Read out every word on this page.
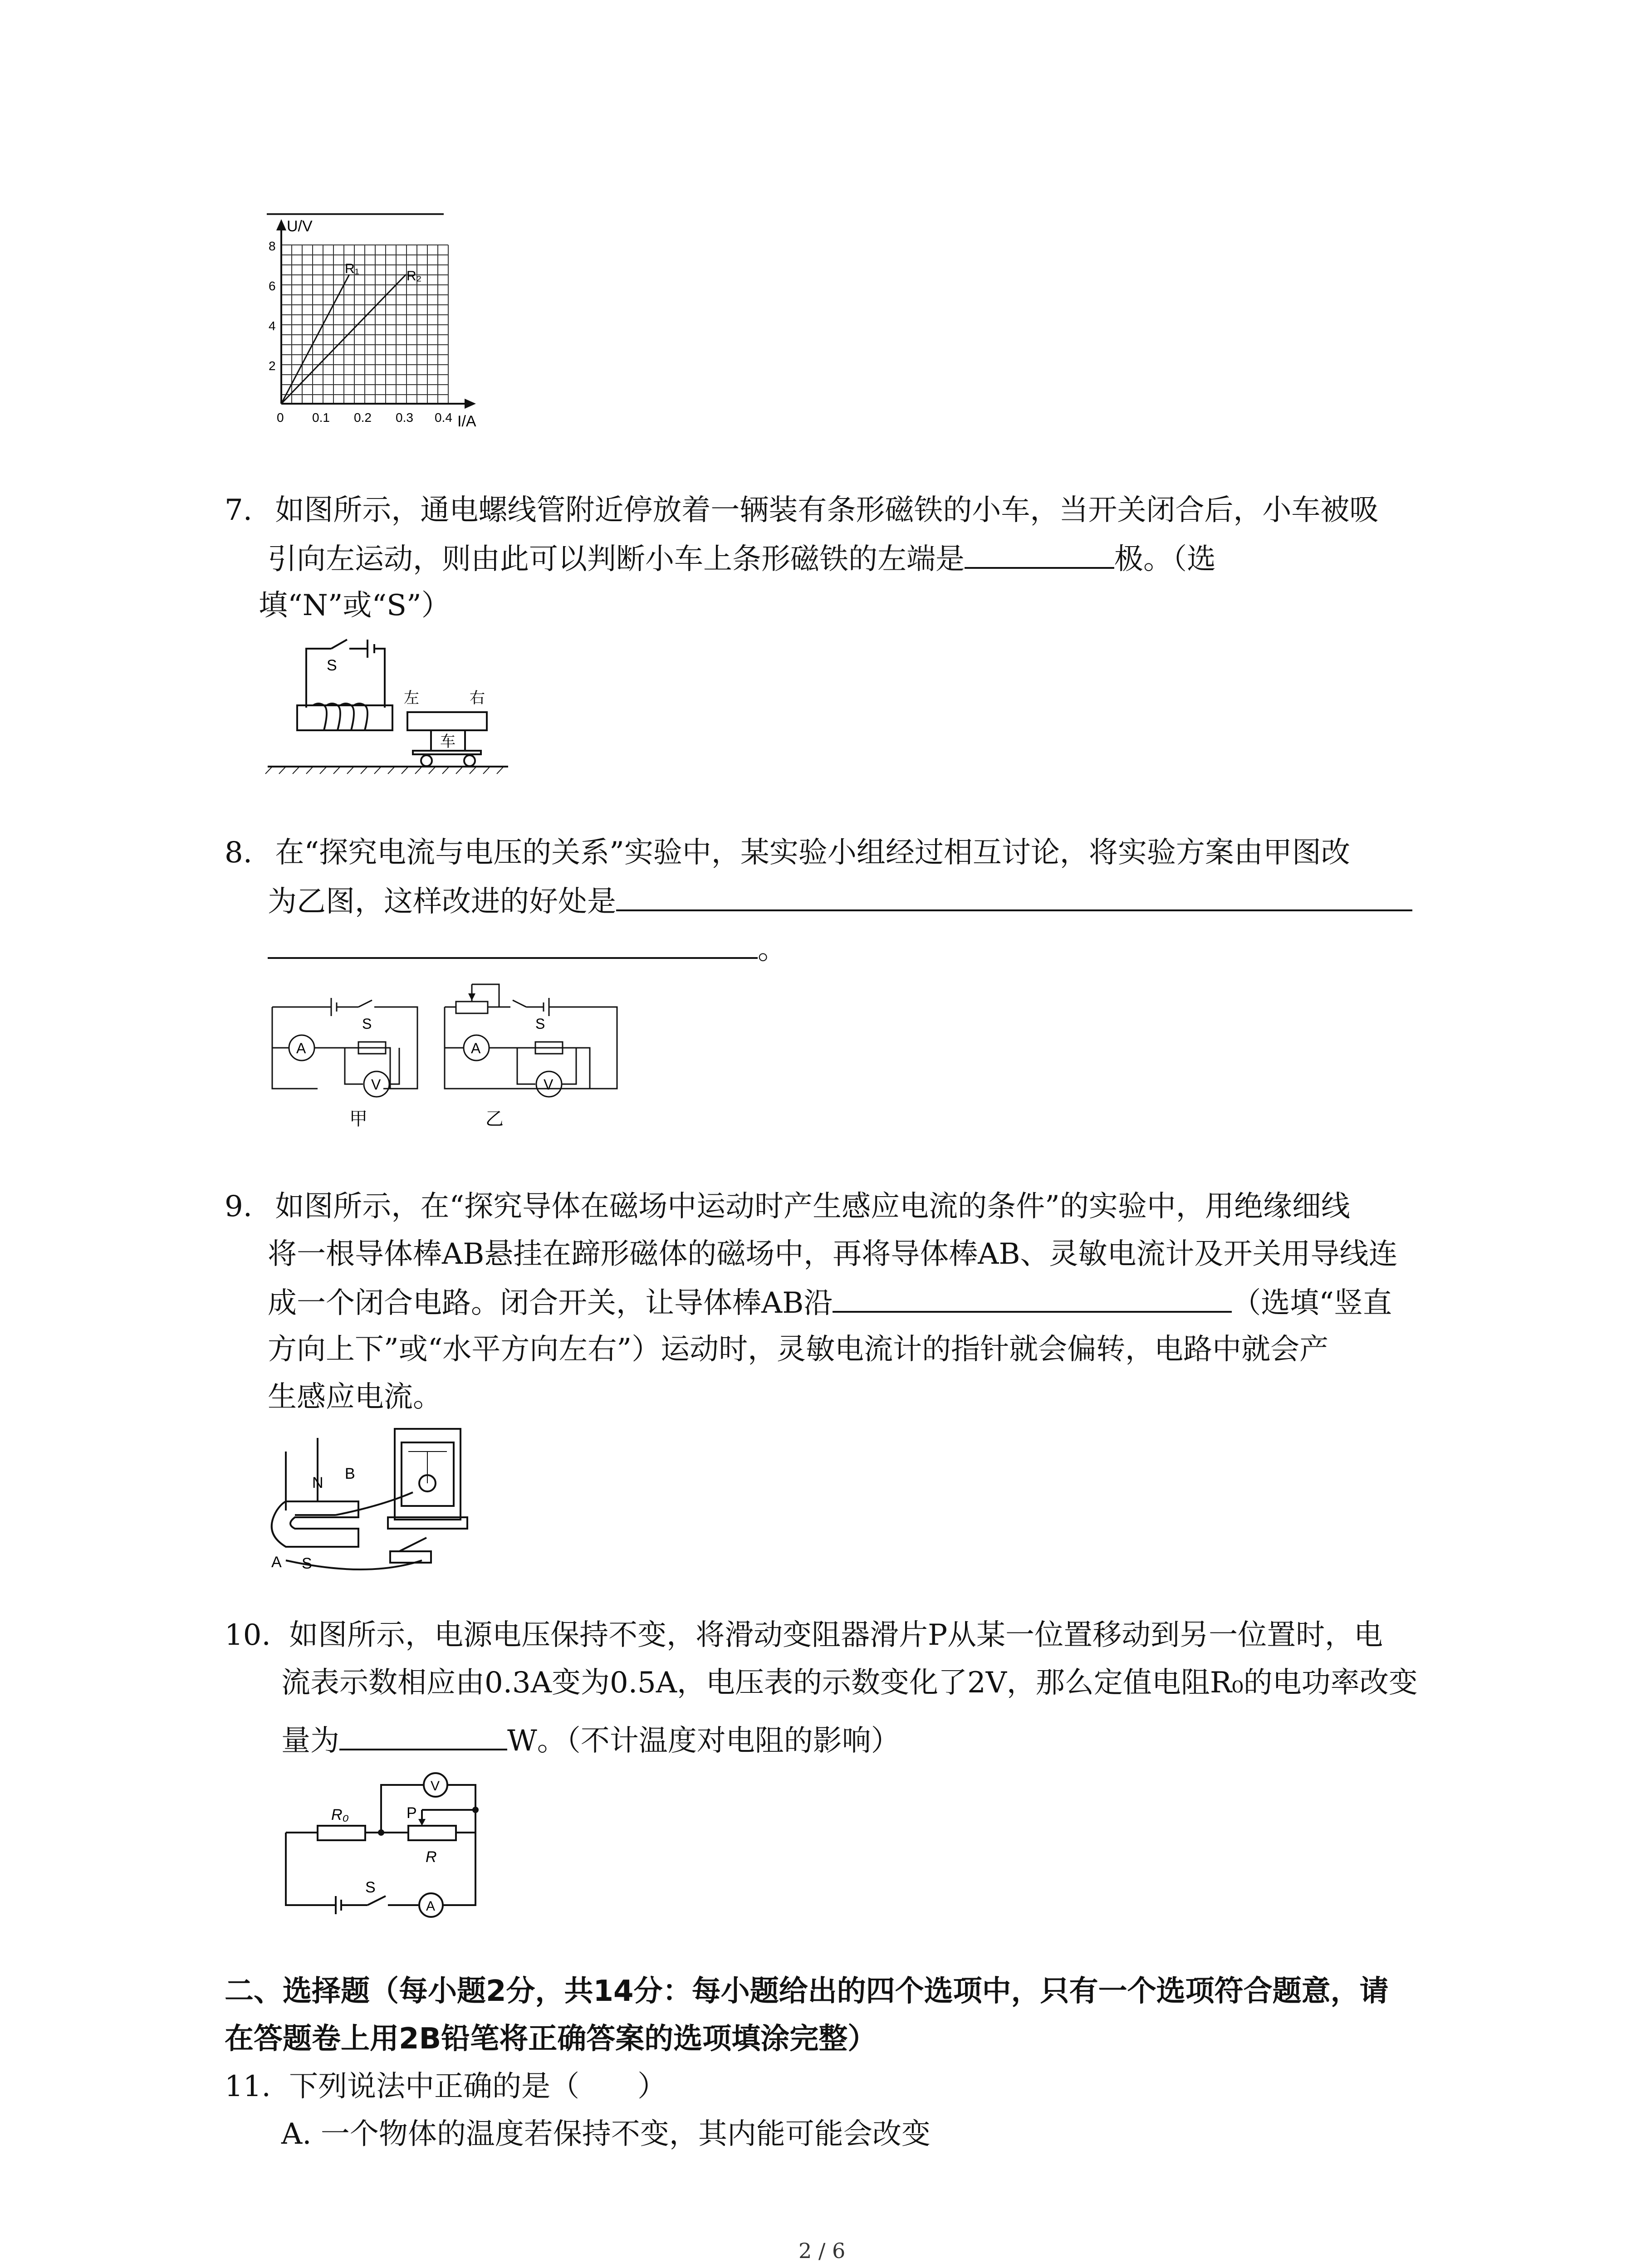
U/V
8
6
4
2
0 0.1 0.2 0.3 0.4 I/A
R₁	R₂
7. 如图所示，通电螺线管附近停放着一辆装有条形磁铁的小车，当开关闭合后，小车被吸
引向左运动，则由此可以判断小车上条形磁铁的左端是	极。（选
填“N”或“S”）
S
左	右
车
8. 在“探究电流与电压的关系”实验中，某实验小组经过相互讨论，将实验方案由甲图改
为乙图，这样改进的好处是
。
S
A
V
甲
S
A
V
乙
9. 如图所示，在“探究导体在磁场中运动时产生感应电流的条件”的实验中，用绝缘细线
将一根导体棒AB悬挂在蹄形磁体的磁场中，再将导体棒AB、灵敏电流计及开关用导线连
成一个闭合电路。闭合开关，让导体棒AB沿	（选填“竖直
方向上下”或“水平方向左右”）运动时，灵敏电流计的指针就会偏转，电路中就会产
生感应电流。
N
B
A S
10. 如图所示，电源电压保持不变，将滑动变阻器滑片P从某一位置移动到另一位置时，电
流表示数相应由0.3A变为0.5A，电压表的示数变化了2V，那么定值电阻R₀的电功率改变
量为	W。（不计温度对电阻的影响）
R₀	P
R
S
V
A
二、选择题（每小题2分，共14分：每小题给出的四个选项中，只有一个选项符合题意，请
在答题卷上用2B铅笔将正确答案的选项填涂完整）
11. 下列说法中正确的是（　　）
A. 一个物体的温度若保持不变，其内能可能会改变
2 / 6
